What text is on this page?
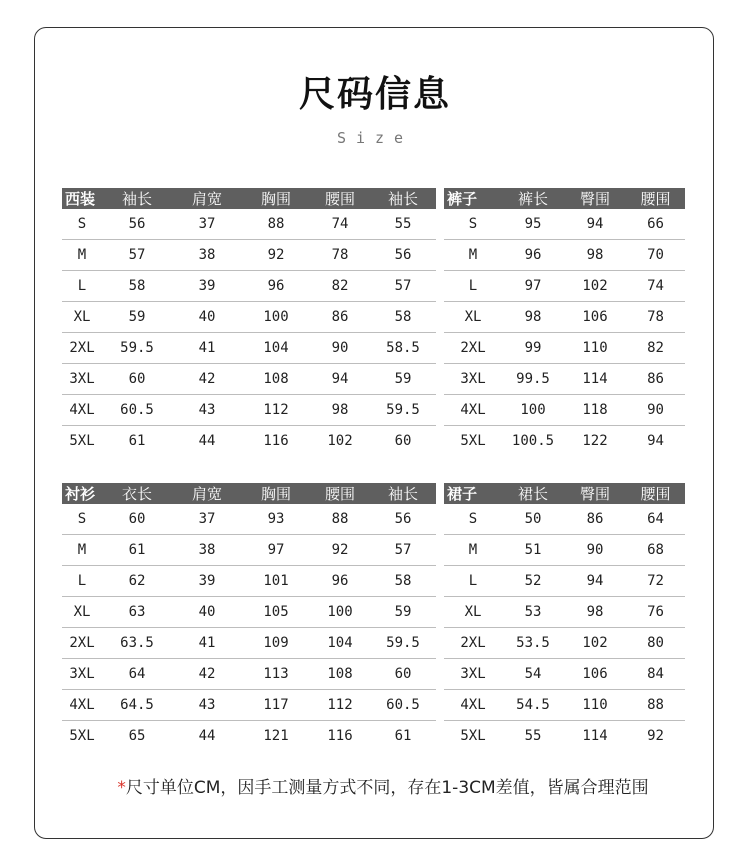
尺码信息
Size
西装	袖长	肩宽	胸围	腰围	袖长
S	56	37	88	74	55
M	57	38	92	78	56
L	58	39	96	82	57
XL	59	40	100	86	58
2XL	59.5	41	104	90	58.5
3XL	60	42	108	94	59
4XL	60.5	43	112	98	59.5
5XL	61	44	116	102	60
裤子	裤长	臀围	腰围
S	95	94	66
M	96	98	70
L	97	102	74
XL	98	106	78
2XL	99	110	82
3XL	99.5	114	86
4XL	100	118	90
5XL	100.5	122	94
衬衫	衣长	肩宽	胸围	腰围	袖长
S	60	37	93	88	56
M	61	38	97	92	57
L	62	39	101	96	58
XL	63	40	105	100	59
2XL	63.5	41	109	104	59.5
3XL	64	42	113	108	60
4XL	64.5	43	117	112	60.5
5XL	65	44	121	116	61
裙子	裙长	臀围	腰围
S	50	86	64
M	51	90	68
L	52	94	72
XL	53	98	76
2XL	53.5	102	80
3XL	54	106	84
4XL	54.5	110	88
5XL	55	114	92
*尺寸单位CM，因手工测量方式不同，存在1-3CM差值，皆属合理范围
